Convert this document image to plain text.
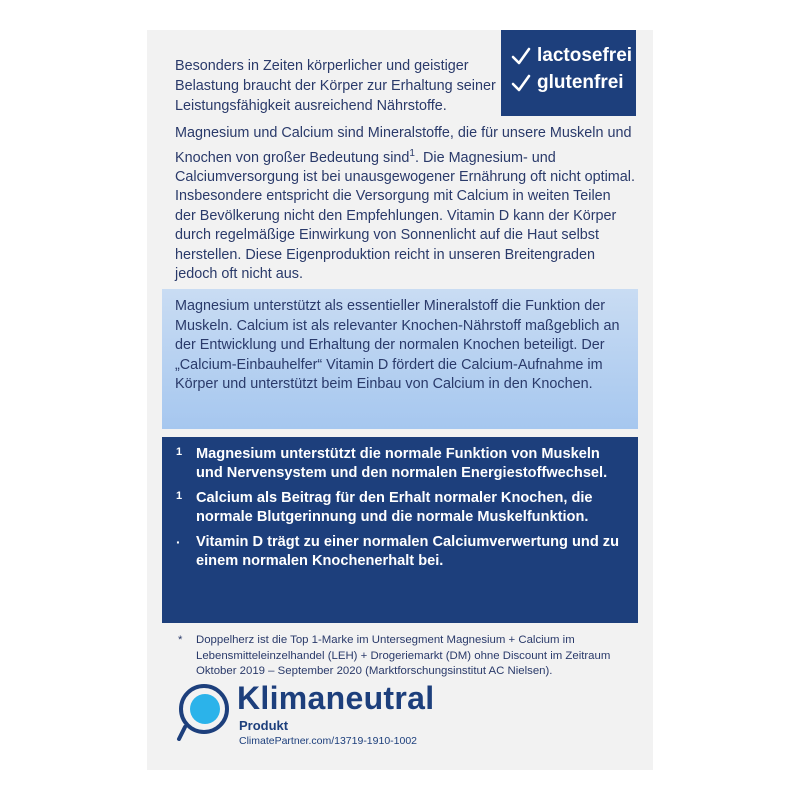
Besonders in Zeiten körperlicher und geistiger Belastung braucht der Körper zur Erhaltung seiner Leistungsfähigkeit ausreichend Nährstoffe.
lactosefrei
glutenfrei
Magnesium und Calcium sind Mineralstoffe, die für unsere Muskeln und Knochen von großer Bedeutung sind$^1$. Die Magnesium- und Calciumversorgung ist bei unausgewogener Ernährung oft nicht optimal. Insbesondere entspricht die Versorgung mit Calcium in weiten Teilen der Bevölkerung nicht den Empfehlungen. Vitamin D kann der Körper durch regelmäßige Einwirkung von Sonnenlicht auf die Haut selbst herstellen. Diese Eigenproduktion reicht in unseren Breitengraden jedoch oft nicht aus.
Magnesium unterstützt als essentieller Mineralstoff die Funktion der Muskeln. Calcium ist als relevanter Knochen-Nährstoff maßgeblich an der Entwicklung und Erhaltung der normalen Knochen beteiligt. Der „Calcium-Einbauhelfer“ Vitamin D fördert die Calcium-Aufnahme im Körper und unterstützt beim Einbau von Calcium in den Knochen.
1 Magnesium unterstützt die normale Funktion von Muskeln und Nervensystem und den normalen Energiestoffwechsel.
1 Calcium als Beitrag für den Erhalt normaler Knochen, die normale Blutgerinnung und die normale Muskelfunktion.
·	Vitamin D trägt zu einer normalen Calciumverwertung und zu einem normalen Knochenerhalt bei.
*	Doppelherz ist die Top 1-Marke im Untersegment Magnesium + Calcium im Lebensmitteleinzelhandel (LEH) + Drogeriemarkt (DM) ohne Discount im Zeitraum Oktober 2019 – September 2020 (Marktforschungsinstitut AC Nielsen).
Klimaneutral
Produkt
ClimatePartner.com/13719-1910-1002
